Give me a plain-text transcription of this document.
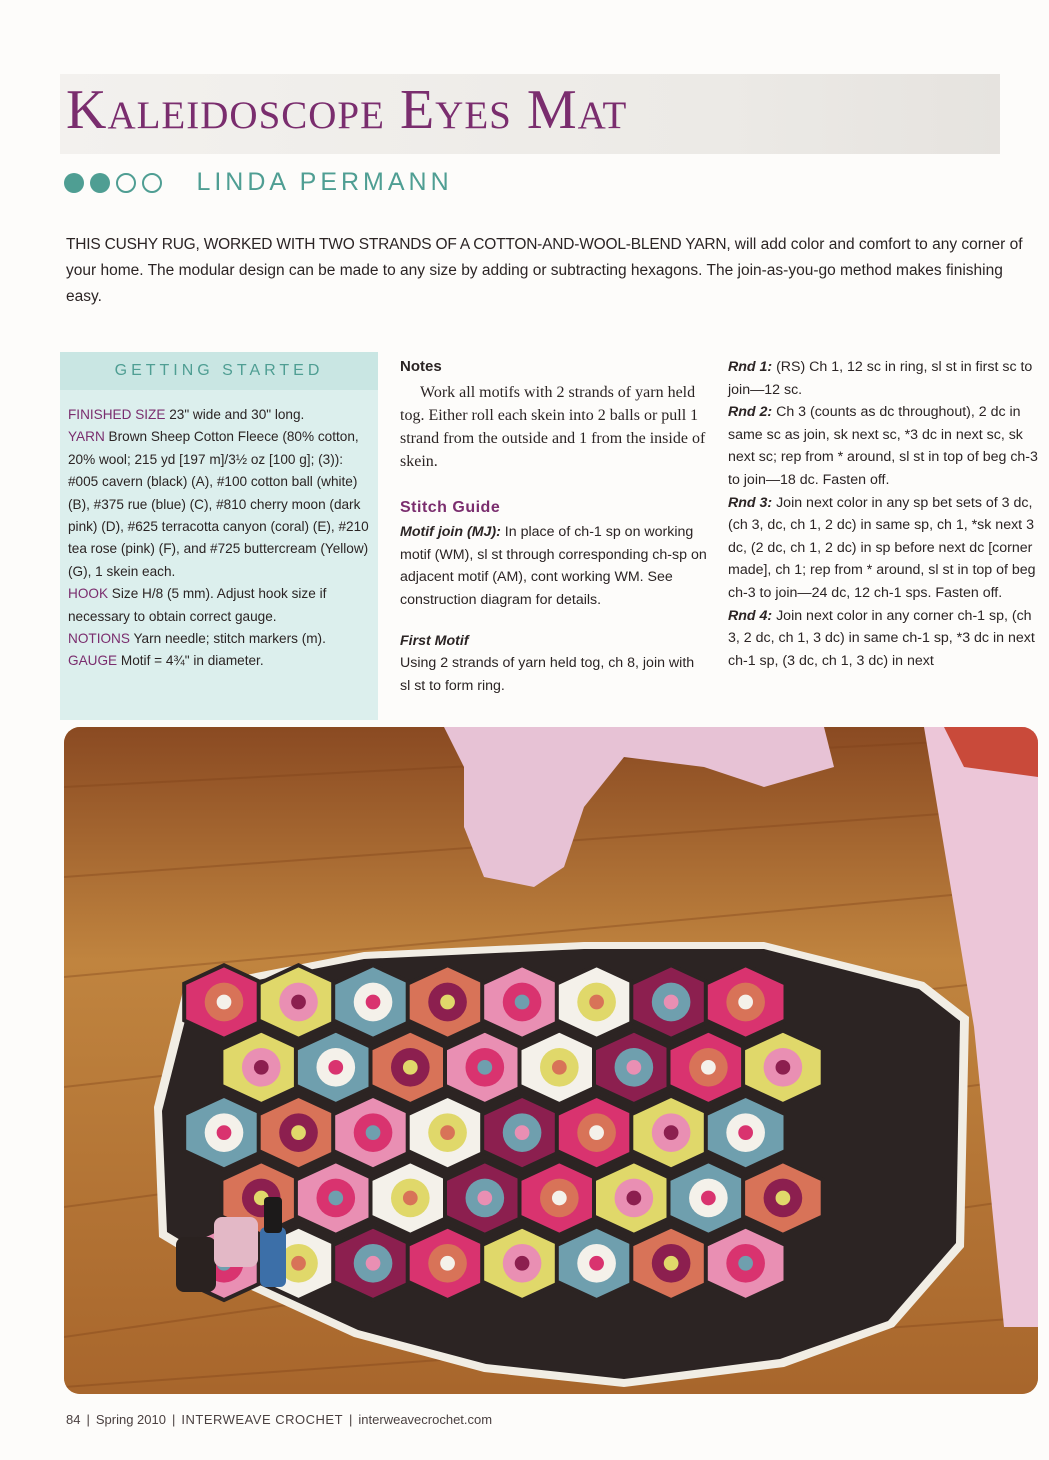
Kaleidoscope Eyes Mat
LINDA PERMANN

THIS CUSHY RUG, WORKED WITH TWO STRANDS OF A COTTON-AND-WOOL-BLEND YARN, will add color and comfort to any corner of your home. The modular design can be made to any size by adding or subtracting hexagons. The join-as-you-go method makes finishing easy.

GETTING STARTED

FINISHED SIZE 23" wide and 30" long.

YARN Brown Sheep Cotton Fleece (80% cotton, 20% wool; 215 yd [197 m]/3½ oz [100 g]; (3)): #005 cavern (black) (A), #100 cotton ball (white) (B), #375 rue (blue) (C), #810 cherry moon (dark pink) (D), #625 terracotta canyon (coral) (E), #210 tea rose (pink) (F), and #725 buttercream (Yellow) (G), 1 skein each.

HOOK Size H/8 (5 mm). Adjust hook size if necessary to obtain correct gauge.

NOTIONS Yarn needle; stitch markers (m).

GAUGE Motif = 4¾" in diameter.

Notes

Work all motifs with 2 strands of yarn held tog. Either roll each skein into 2 balls or pull 1 strand from the outside and 1 from the inside of skein.

Stitch Guide

Motif join (MJ): In place of ch-1 sp on working motif (WM), sl st through corresponding ch-sp on adjacent motif (AM), cont working WM. See construction diagram for details.

First Motif

Using 2 strands of yarn held tog, ch 8, join with sl st to form ring.

Rnd 1: (RS) Ch 1, 12 sc in ring, sl st in first sc to join—12 sc.

Rnd 2: Ch 3 (counts as dc throughout), 2 dc in same sc as join, sk next sc, *3 dc in next sc, sk next sc; rep from * around, sl st in top of beg ch-3 to join—18 dc. Fasten off.

Rnd 3: Join next color in any sp bet sets of 3 dc, (ch 3, dc, ch 1, 2 dc) in same sp, ch 1, *sk next 3 dc, (2 dc, ch 1, 2 dc) in sp before next dc [corner made], ch 1; rep from * around, sl st in top of beg ch-3 to join—24 dc, 12 ch-1 sps. Fasten off.

Rnd 4: Join next color in any corner ch-1 sp, (ch 3, 2 dc, ch 1, 3 dc) in same ch-1 sp, *3 dc in next ch-1 sp, (3 dc, ch 1, 3 dc) in next

84 | Spring 2010 | INTERWEAVE CROCHET | interweavecrochet.com
